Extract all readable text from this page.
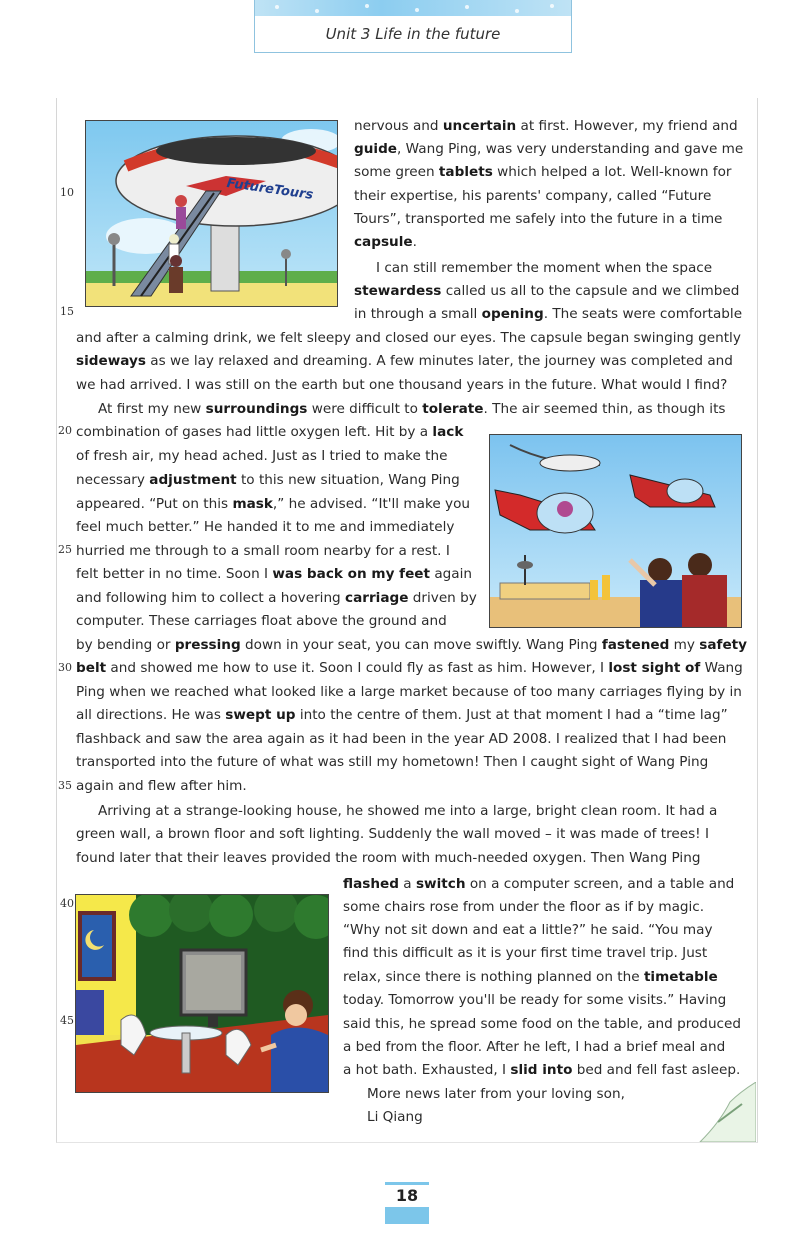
Unit 3 Life in the future
FutureTours
10
15
20
25
30
35
40
45
nervous and uncertain at first. However, my friend and
guide, Wang Ping, was very understanding and gave me
some green tablets which helped a lot. Well-known for
their expertise, his parents' company, called “Future
Tours”, transported me safely into the future in a time
capsule.
I can still remember the moment when the space
stewardess called us all to the capsule and we climbed
in through a small opening. The seats were comfortable
and after a calming drink, we felt sleepy and closed our eyes. The capsule began swinging gently
sideways as we lay relaxed and dreaming. A few minutes later, the journey was completed and
we had arrived. I was still on the earth but one thousand years in the future. What would I find?
At first my new surroundings were difficult to tolerate. The air seemed thin, as though its
combination of gases had little oxygen left. Hit by a lack
of fresh air, my head ached. Just as I tried to make the
necessary adjustment to this new situation, Wang Ping
appeared. “Put on this mask,” he advised. “It'll make you
feel much better.” He handed it to me and immediately
hurried me through to a small room nearby for a rest. I
felt better in no time. Soon I was back on my feet again
and following him to collect a hovering carriage driven by
computer. These carriages float above the ground and
by bending or pressing down in your seat, you can move swiftly. Wang Ping fastened my safety
belt and showed me how to use it. Soon I could fly as fast as him. However, I lost sight of Wang
Ping when we reached what looked like a large market because of too many carriages flying by in
all directions. He was swept up into the centre of them. Just at that moment I had a “time lag”
flashback and saw the area again as it had been in the year AD 2008. I realized that I had been
transported into the future of what was still my hometown! Then I caught sight of Wang Ping
again and flew after him.
Arriving at a strange-looking house, he showed me into a large, bright clean room. It had a
green wall, a brown floor and soft lighting. Suddenly the wall moved – it was made of trees! I
found later that their leaves provided the room with much-needed oxygen. Then Wang Ping
flashed a switch on a computer screen, and a table and
some chairs rose from under the floor as if by magic.
“Why not sit down and eat a little?” he said. “You may
find this difficult as it is your first time travel trip. Just
relax, since there is nothing planned on the timetable
today. Tomorrow you'll be ready for some visits.” Having
said this, he spread some food on the table, and produced
a bed from the floor. After he left, I had a brief meal and
a hot bath. Exhausted, I slid into bed and fell fast asleep.
More news later from your loving son,
Li Qiang
18
